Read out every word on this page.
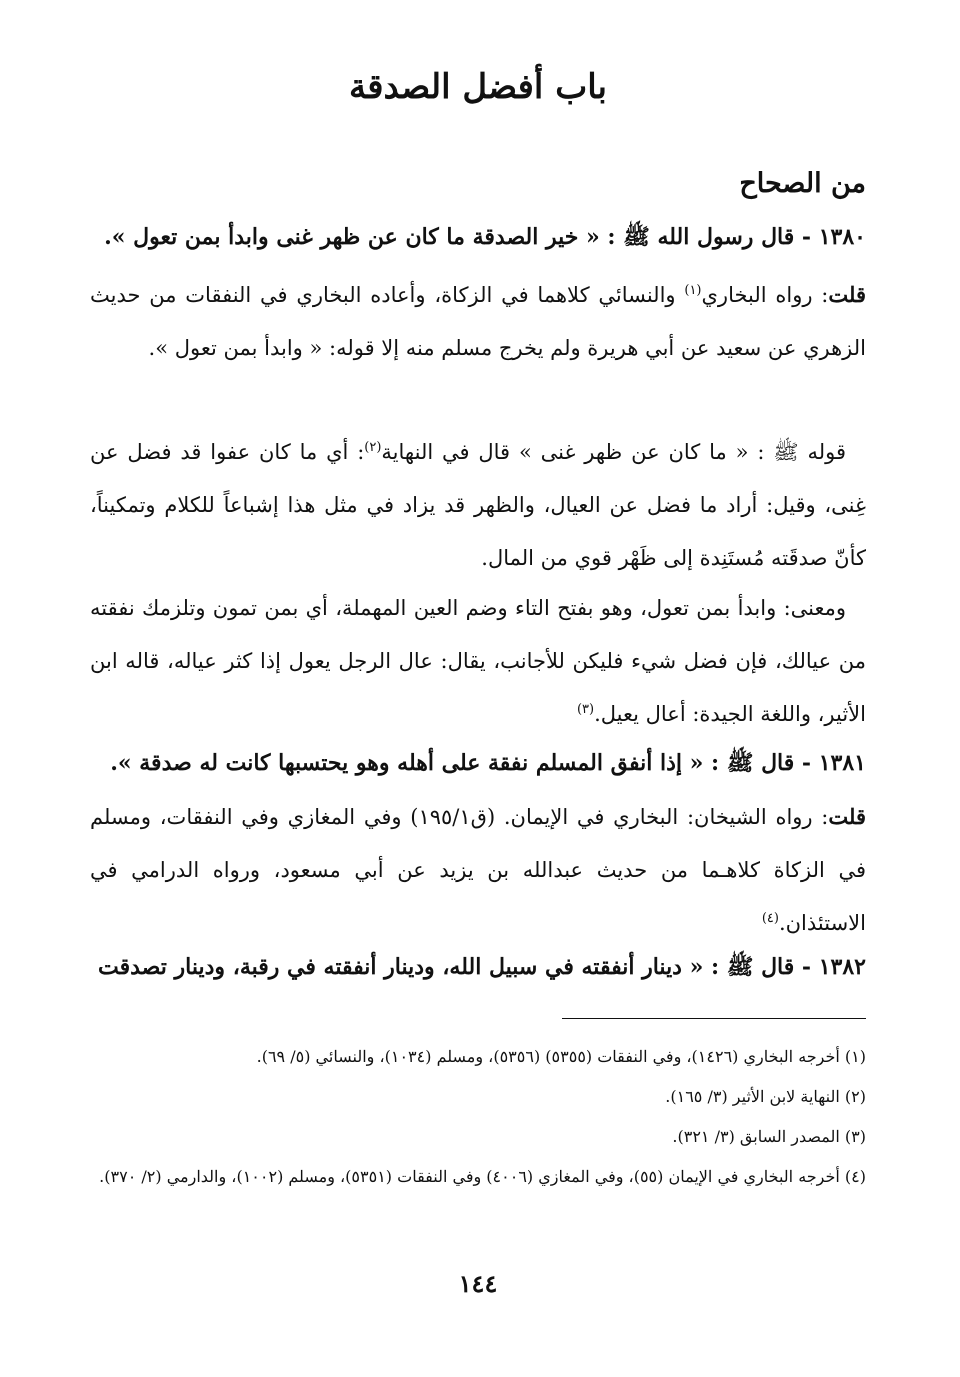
باب أفضل الصدقة
من الصحاح
١٣٨٠ - قال رسول الله ﷺ : « خير الصدقة ما كان عن ظهر غنى وابدأ بمن تعول ».
قلت: رواه البخاري$^{(١)}$ والنسائي كلاهما في الزكاة، وأعاده البخاري في النفقات من حديث الزهري عن سعيد عن أبي هريرة ولم يخرج مسلم منه إلا قوله: « وابدأ بمن تعول ».
قوله ﷺ : « ما كان عن ظهر غنى » قال في النهاية$^{(٢)}$: أي ما كان عفوا قد فضل عن غِنى، وقيل: أراد ما فضل عن العيال، والظهر قد يزاد في مثل هذا إشباعاً للكلام وتمكيناً، كأنّ صدقَته مُستَنِدة إلى ظَهْر قوي من المال.
ومعنى: وابدأ بمن تعول، وهو بفتح التاء وضم العين المهملة، أي بمن تمون وتلزمك نفقته من عيالك، فإن فضل شيء فليكن للأجانب، يقال: عال الرجل يعول إذا كثر عياله، قاله ابن الأثير، واللغة الجيدة: أعال يعيل.$^{(٣)}$
١٣٨١ - قال ﷺ : « إذا أنفق المسلم نفقة على أهله وهو يحتسبها كانت له صدقة ».
قلت: رواه الشيخان: البخاري في الإيمان. (ق١٩٥/١) وفي المغازي وفي النفقات، ومسلم في الزكاة كلاهـما من حديث عبدالله بن يزيد عن أبي مسعود، ورواه الدرامي في الاستئذان.$^{(٤)}$
١٣٨٢ - قال ﷺ : « دينار أنفقته في سبيل الله، ودينار أنفقته في رقبة، ودينار تصدقت

(١) أخرجه البخاري (١٤٢٦)، وفي النفقات (٥٣٥٥) (٥٣٥٦)، ومسلم (١٠٣٤)، والنسائي (٥/ ٦٩).

(٢) النهاية لابن الأثير (٣/ ١٦٥).

(٣) المصدر السابق (٣/ ٣٢١).

(٤) أخرجه البخاري في الإيمان (٥٥)، وفي المغازي (٤٠٠٦) وفي النفقات (٥٣٥١)، ومسلم (١٠٠٢)، والدارمي (٢/ ٣٧٠).

١٤٤
